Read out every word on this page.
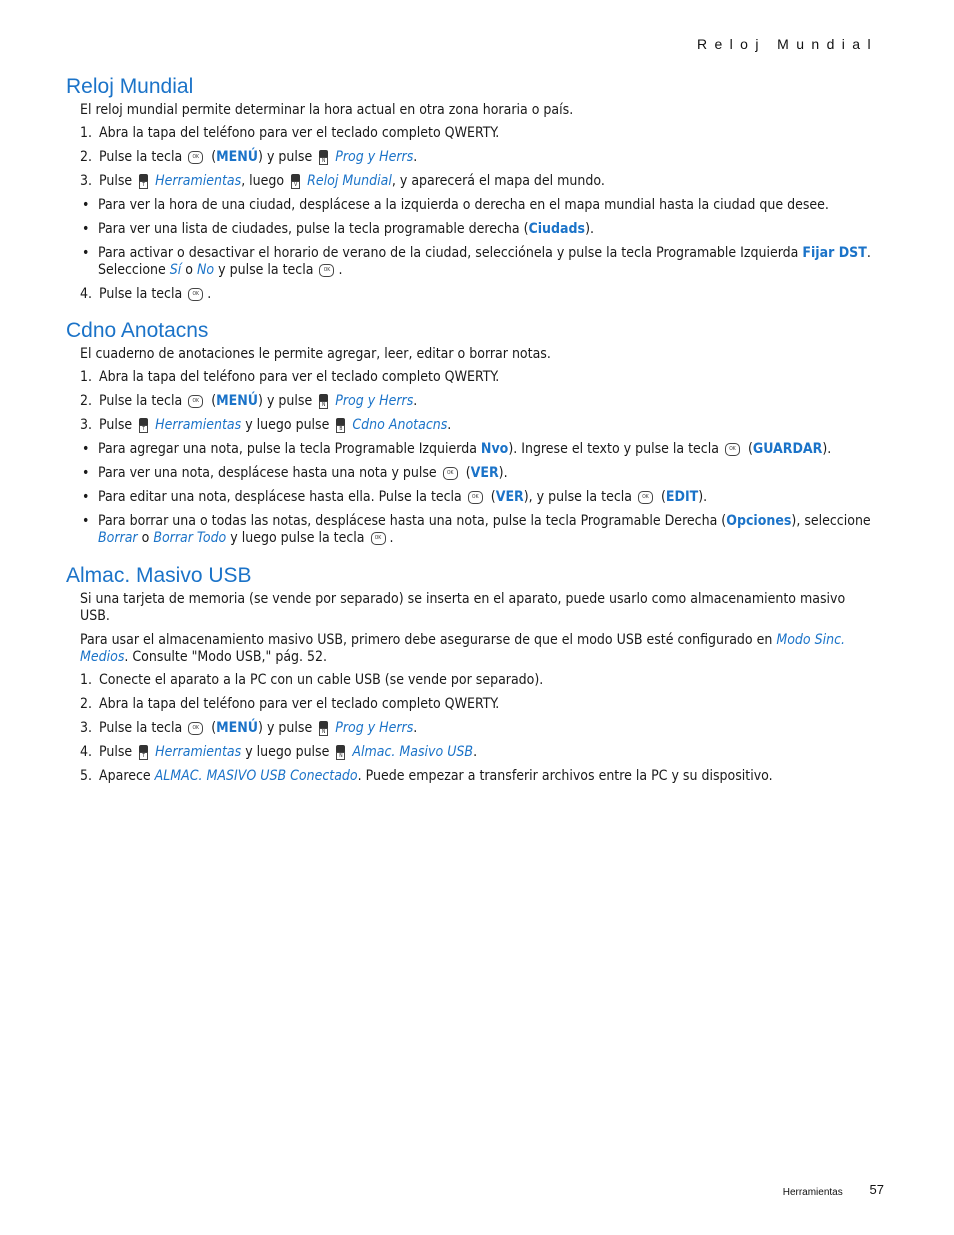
Reloj Mundial
Reloj Mundial

El reloj mundial permite determinar la hora actual en otra zona horaria o país.

1. Abra la tapa del teléfono para ver el teclado completo QWERTY.
2. Pulse la tecla OK (MENÚ) y pulse N Prog y Herrs.
3. Pulse T Herramientas, luego V Reloj Mundial, y aparecerá el mapa del mundo.
• Para ver la hora de una ciudad, desplácese a la izquierda o derecha en el mapa mundial hasta la ciudad que desee.
• Para ver una lista de ciudades, pulse la tecla programable derecha (Ciudads).
• Para activar o desactivar el horario de verano de la ciudad, selecciónela y pulse la tecla Programable Izquierda Fijar DST. Seleccione Sí o No y pulse la tecla OK .
4. Pulse la tecla OK .
Cdno Anotacns

El cuaderno de anotaciones le permite agregar, leer, editar o borrar notas.

1. Abra la tapa del teléfono para ver el teclado completo QWERTY.
2. Pulse la tecla OK (MENÚ) y pulse N Prog y Herrs.
3. Pulse T Herramientas y luego pulse B Cdno Anotacns.
• Para agregar una nota, pulse la tecla Programable Izquierda Nvo). Ingrese el texto y pulse la tecla OK (GUARDAR).
• Para ver una nota, desplácese hasta una nota y pulse OK (VER).
• Para editar una nota, desplácese hasta ella. Pulse la tecla OK (VER), y pulse la tecla OK (EDIT).
• Para borrar una o todas las notas, desplácese hasta una nota, pulse la tecla Programable Derecha (Opciones), seleccione Borrar o Borrar Todo y luego pulse la tecla OK .
Almac. Masivo USB

Si una tarjeta de memoria (se vende por separado) se inserta en el aparato, puede usarlo como almacenamiento masivo USB.

Para usar el almacenamiento masivo USB, primero debe asegurarse de que el modo USB esté configurado en Modo Sinc. Medios. Consulte "Modo USB," pág. 52.

1. Conecte el aparato a la PC con un cable USB (se vende por separado).
2. Abra la tapa del teléfono para ver el teclado completo QWERTY.
3. Pulse la tecla OK (MENÚ) y pulse N Prog y Herrs.
4. Pulse T Herramientas y luego pulse N Almac. Masivo USB.
5. Aparece ALMAC. MASIVO USB Conectado. Puede empezar a transferir archivos entre la PC y su dispositivo.
Herramientas 57
